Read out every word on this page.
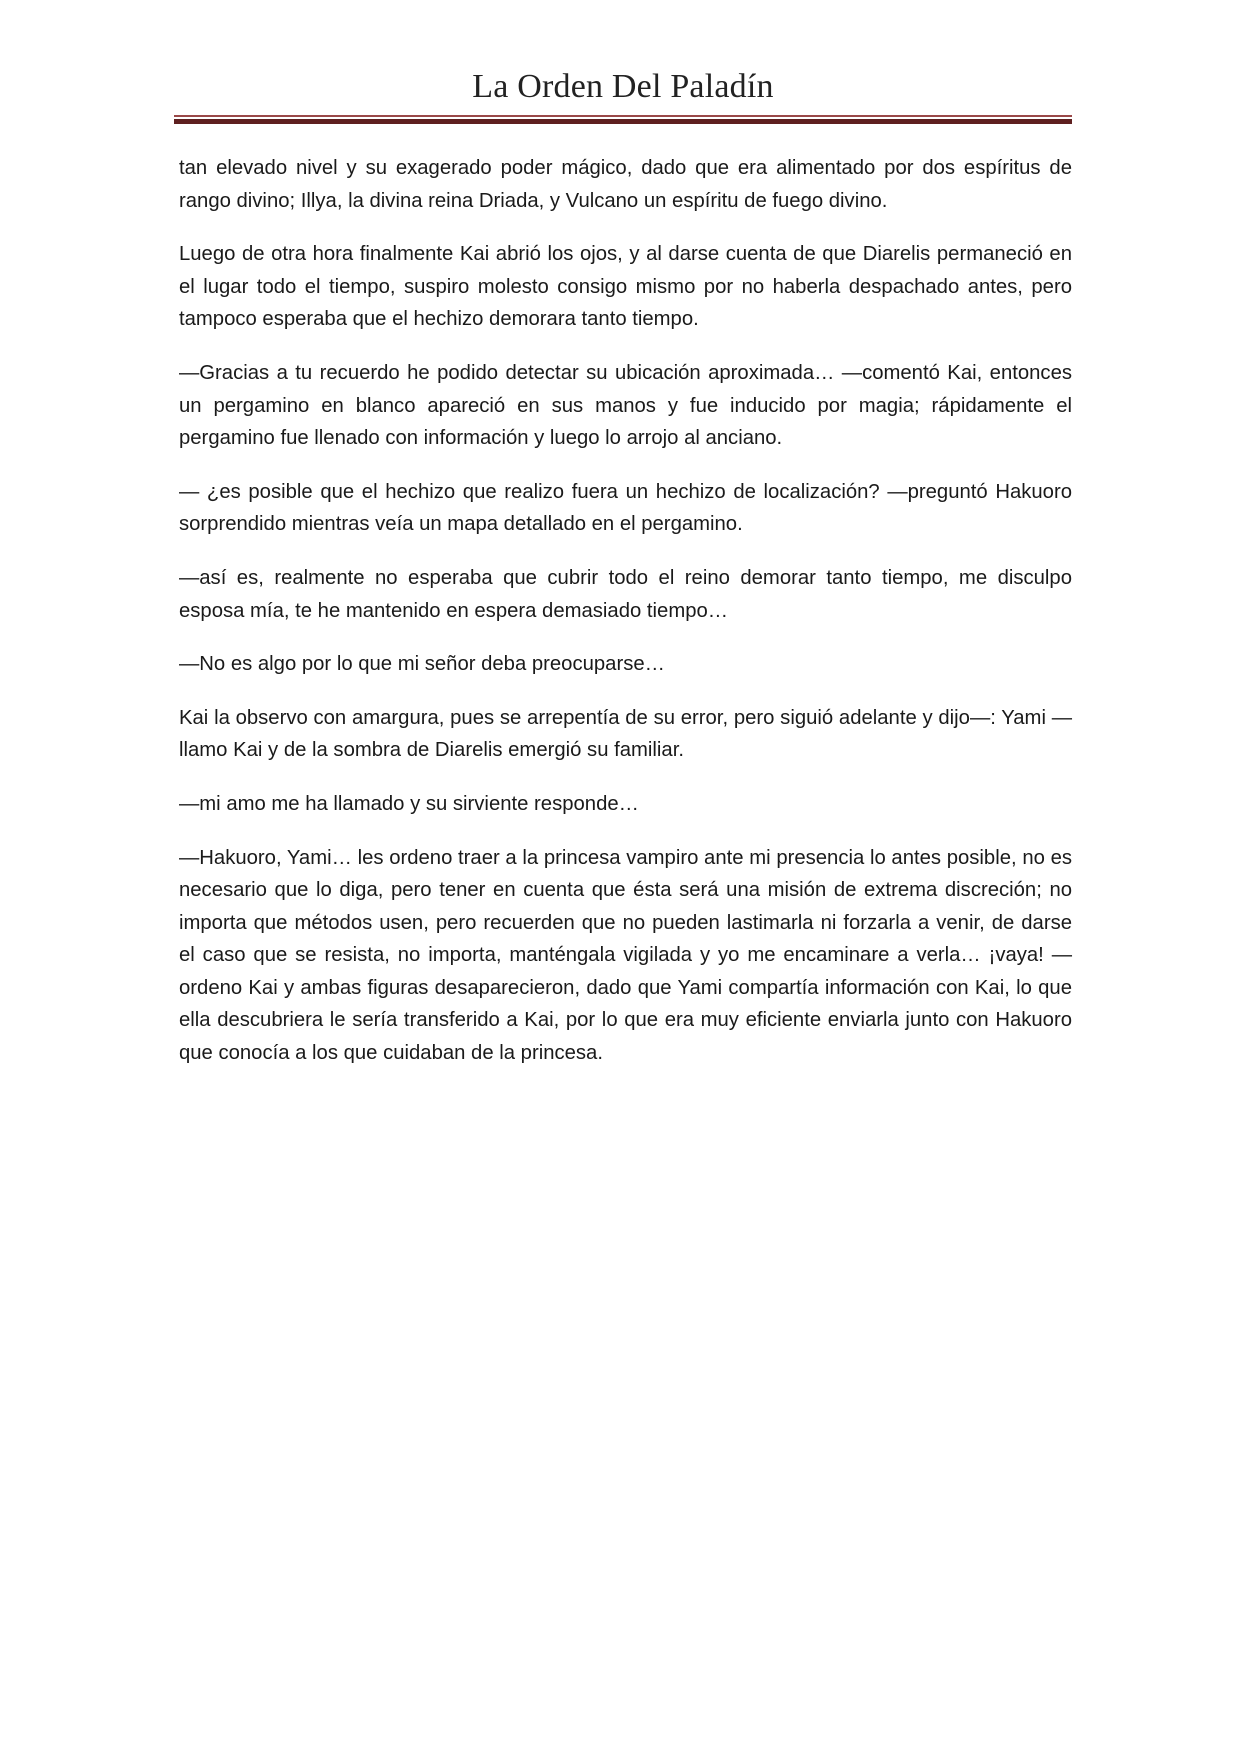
La Orden Del Paladín

tan elevado nivel y su exagerado poder mágico, dado que era alimentado por dos espíritus de rango divino; Illya, la divina reina Driada, y Vulcano un espíritu de fuego divino.

Luego de otra hora finalmente Kai abrió los ojos, y al darse cuenta de que Diarelis permaneció en el lugar todo el tiempo, suspiro molesto consigo mismo por no haberla despachado antes, pero tampoco esperaba que el hechizo demorara tanto tiempo.

—Gracias a tu recuerdo he podido detectar su ubicación aproximada… —comentó Kai, entonces un pergamino en blanco apareció en sus manos y fue inducido por magia; rápidamente el pergamino fue llenado con información y luego lo arrojo al anciano.

— ¿es posible que el hechizo que realizo fuera un hechizo de localización? —preguntó Hakuoro sorprendido mientras veía un mapa detallado en el pergamino.

—así es, realmente no esperaba que cubrir todo el reino demorar tanto tiempo, me disculpo esposa mía, te he mantenido en espera demasiado tiempo…

—No es algo por lo que mi señor deba preocuparse…

Kai la observo con amargura, pues se arrepentía de su error, pero siguió adelante y dijo—: Yami —llamo Kai y de la sombra de Diarelis emergió su familiar.

—mi amo me ha llamado y su sirviente responde…

—Hakuoro, Yami… les ordeno traer a la princesa vampiro ante mi presencia lo antes posible, no es necesario que lo diga, pero tener en cuenta que ésta será una misión de extrema discreción; no importa que métodos usen, pero recuerden que no pueden lastimarla ni forzarla a venir, de darse el caso que se resista, no importa, manténgala vigilada y yo me encaminare a verla… ¡vaya! —ordeno Kai y ambas figuras desaparecieron, dado que Yami compartía información con Kai, lo que ella descubriera le sería transferido a Kai, por lo que era muy eficiente enviarla junto con Hakuoro que conocía a los que cuidaban de la princesa.
